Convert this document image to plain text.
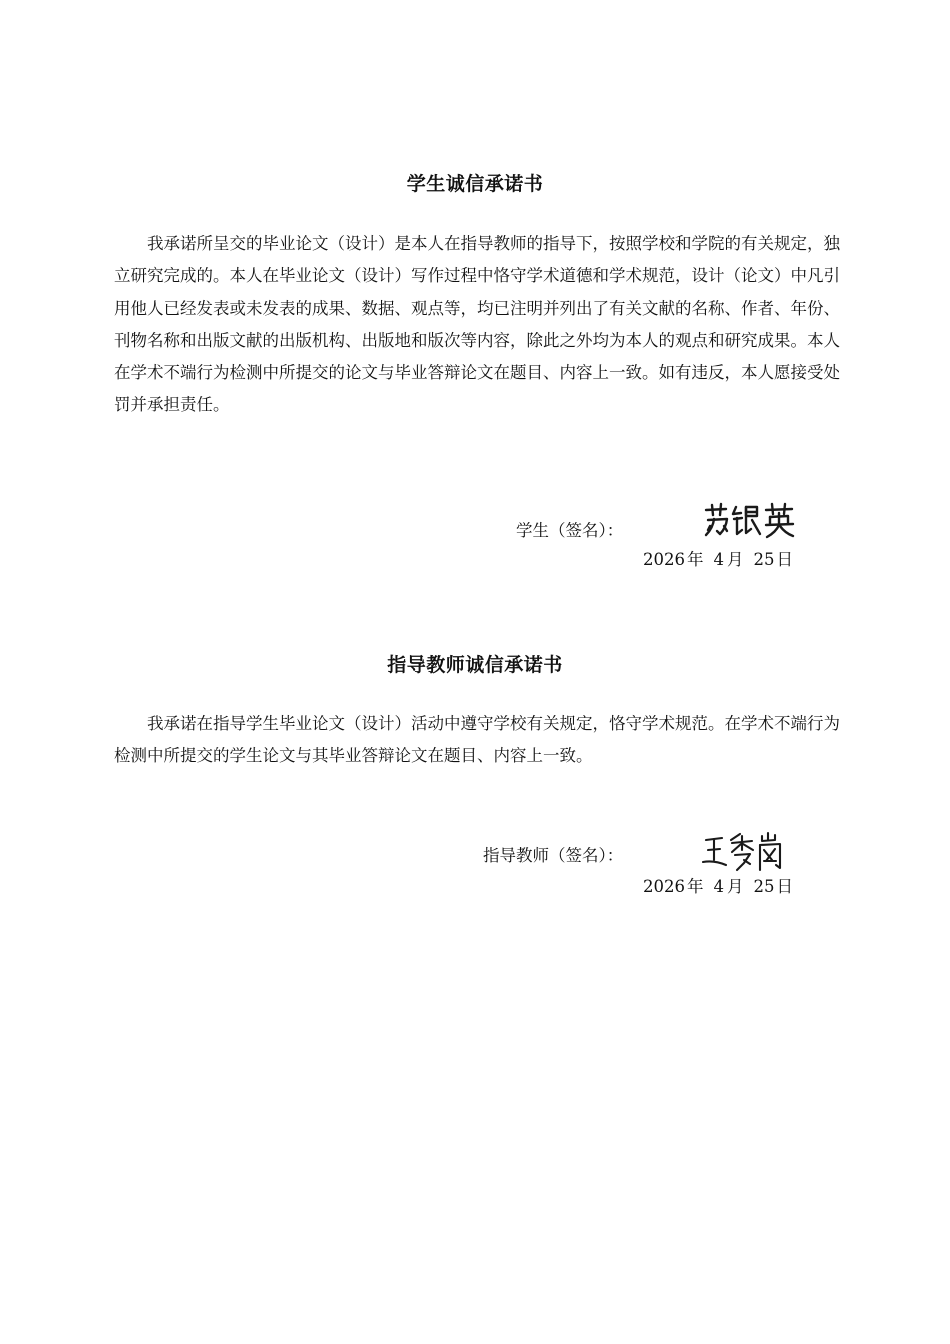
学生诚信承诺书

我承诺所呈交的毕业论文（设计）是本人在指导教师的指导下，按照学校和学院的有关规定，独立研究完成的。本人在毕业论文（设计）写作过程中恪守学术道德和学术规范，设计（论文）中凡引用他人已经发表或未发表的成果、数据、观点等，均已注明并列出了有关文献的名称、作者、年份、刊物名称和出版文献的出版机构、出版地和版次等内容，除此之外均为本人的观点和研究成果。本人在学术不端行为检测中所提交的论文与毕业答辩论文在题目、内容上一致。如有违反，本人愿接受处罚并承担责任。

学生（签名）：
2026 年 4 月 25 日
指导教师诚信承诺书

我承诺在指导学生毕业论文（设计）活动中遵守学校有关规定，恪守学术规范。在学术不端行为检测中所提交的学生论文与其毕业答辩论文在题目、内容上一致。

指导教师（签名）：
2026 年 4 月 25 日
